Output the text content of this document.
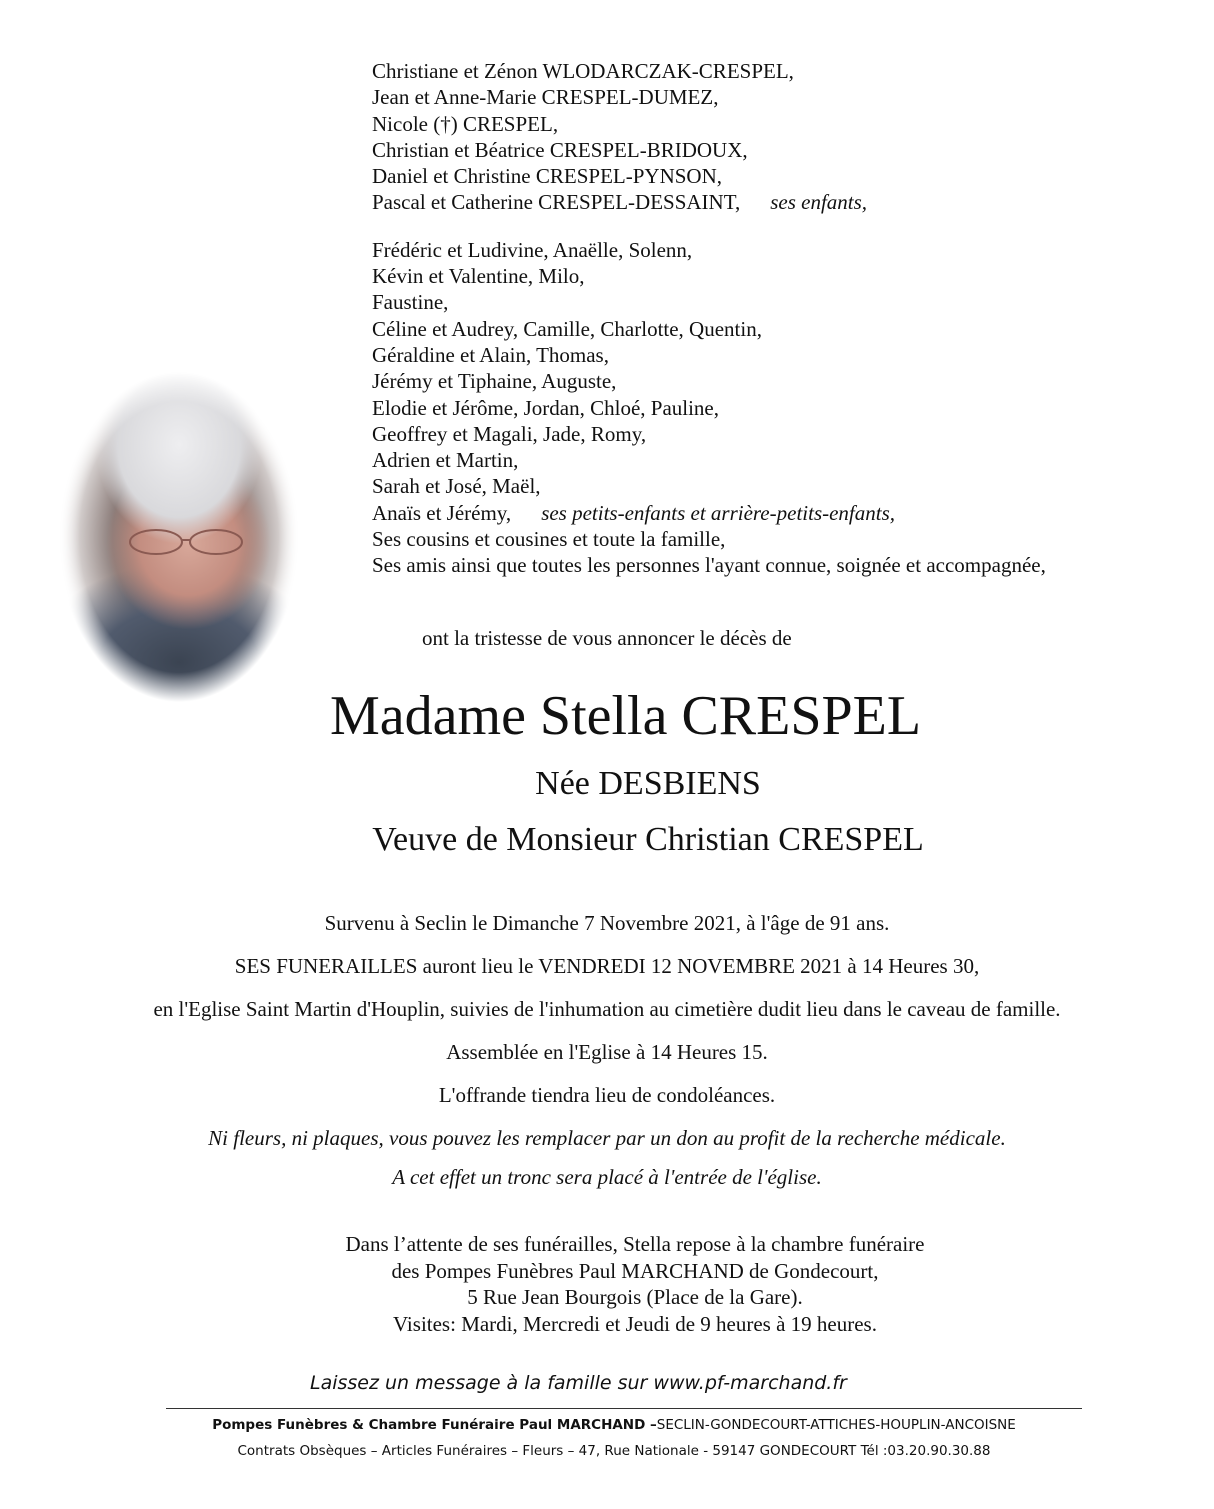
Christiane et Zénon WLODARCZAK-CRESPEL,
Jean et Anne-Marie CRESPEL-DUMEZ,
Nicole (†) CRESPEL,
Christian et Béatrice CRESPEL-BRIDOUX,
Daniel et Christine CRESPEL-PYNSON,
Pascal et Catherine CRESPEL-DESSAINT, ses enfants,
Frédéric et Ludivine, Anaëlle, Solenn,
Kévin et Valentine, Milo,
Faustine,
Céline et Audrey, Camille, Charlotte, Quentin,
Géraldine et Alain, Thomas,
Jérémy et Tiphaine, Auguste,
Elodie et Jérôme, Jordan, Chloé, Pauline,
Geoffrey et Magali, Jade, Romy,
Adrien et Martin,
Sarah et José, Maël,
Anaïs et Jérémy, ses petits-enfants et arrière-petits-enfants,
Ses cousins et cousines et toute la famille,
Ses amis ainsi que toutes les personnes l'ayant connue, soignée et accompagnée,
ont la tristesse de vous annoncer le décès de
Madame Stella CRESPEL
Née DESBIENS
Veuve de Monsieur Christian CRESPEL
Survenu à Seclin le Dimanche 7 Novembre 2021, à l'âge de 91 ans.
SES FUNERAILLES auront lieu le VENDREDI 12 NOVEMBRE 2021 à 14 Heures 30,
en l'Eglise Saint Martin d'Houplin, suivies de l'inhumation au cimetière dudit lieu dans le caveau de famille.
Assemblée en l'Eglise à 14 Heures 15.
L'offrande tiendra lieu de condoléances.
Ni fleurs, ni plaques, vous pouvez les remplacer par un don au profit de la recherche médicale.
A cet effet un tronc sera placé à l'entrée de l'église.
Dans l’attente de ses funérailles, Stella repose à la chambre funéraire
des Pompes Funèbres Paul MARCHAND de Gondecourt,
5 Rue Jean Bourgois (Place de la Gare).
Visites: Mardi, Mercredi et Jeudi de 9 heures à 19 heures.
Laissez un message à la famille sur www.pf-marchand.fr
Pompes Funèbres & Chambre Funéraire Paul MARCHAND –SECLIN-GONDECOURT-ATTICHES-HOUPLIN-ANCOISNE
Contrats Obsèques – Articles Funéraires – Fleurs – 47, Rue Nationale - 59147 GONDECOURT Tél :03.20.90.30.88
